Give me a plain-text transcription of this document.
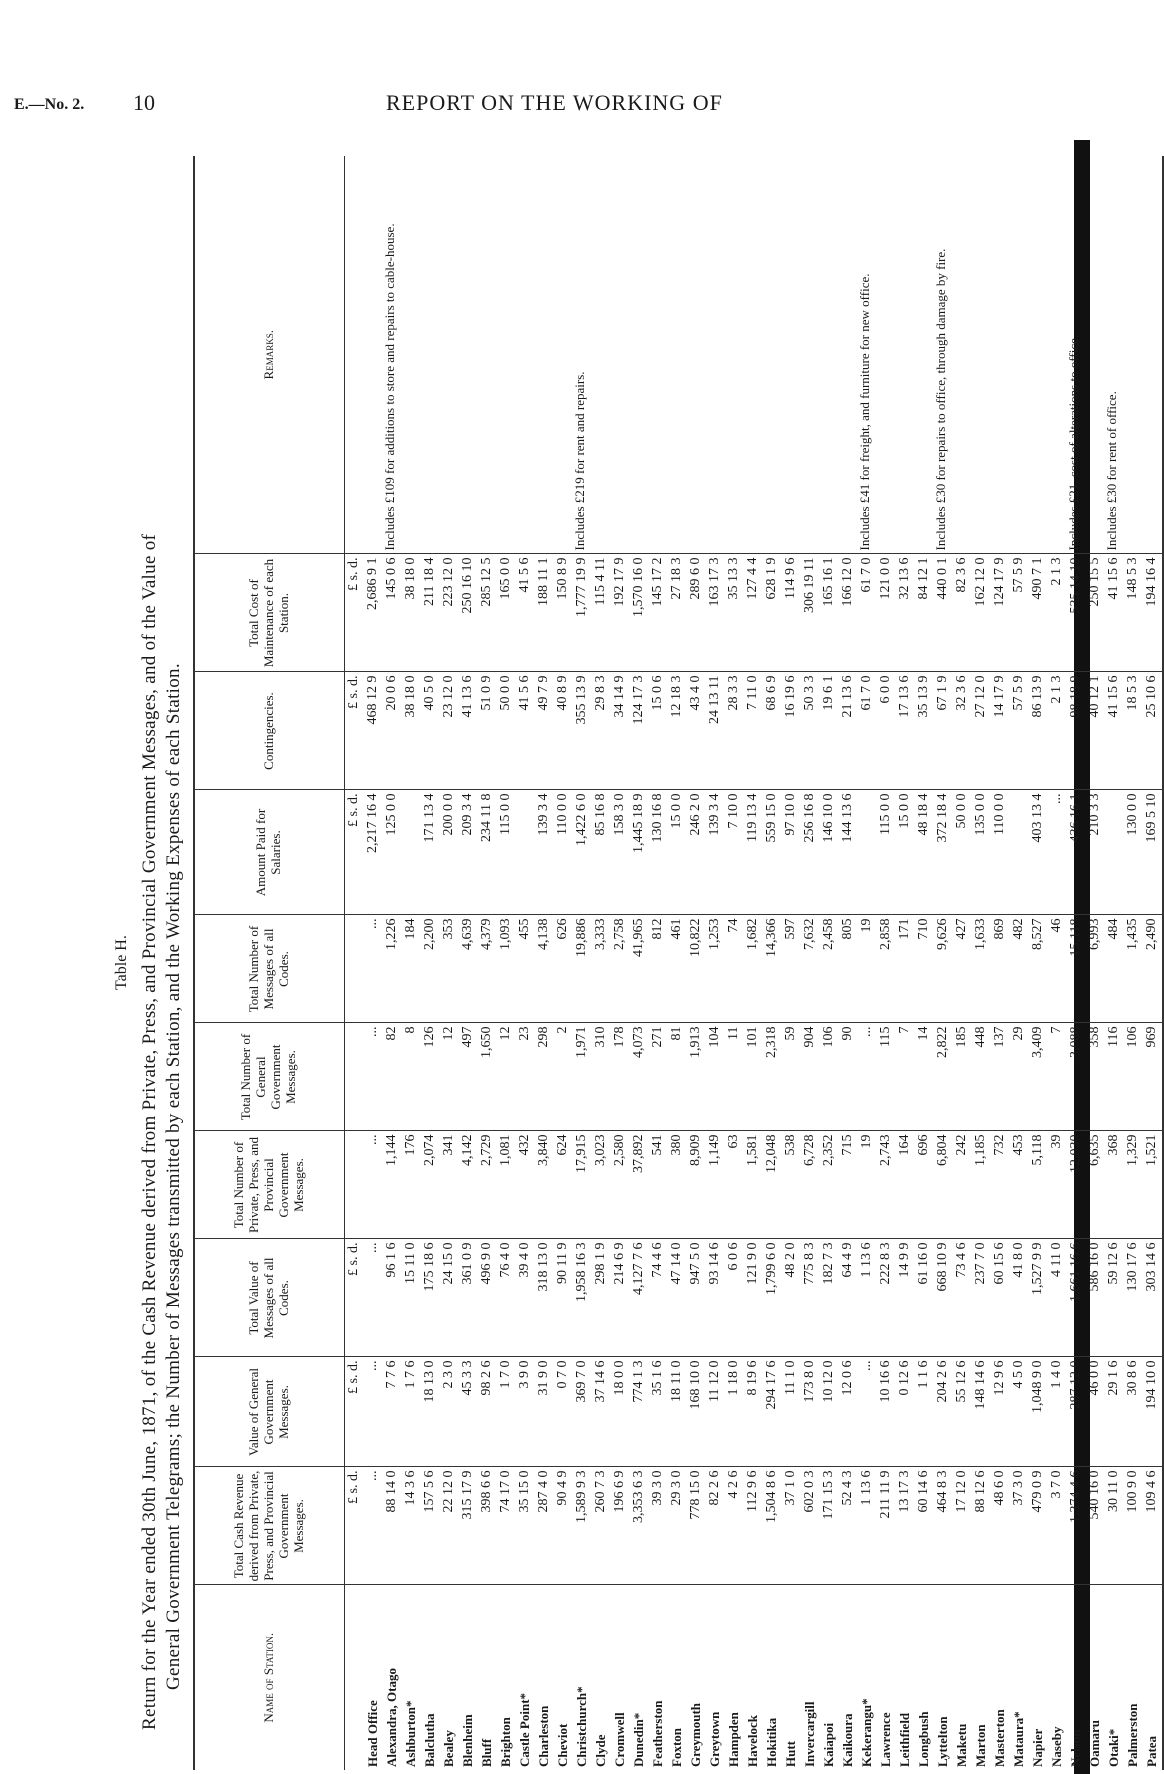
E.—No. 2. 10	REPORT ON THE WORKING OF
Table H. Return for the Year ended 30th June, 1871, of the Cash Revenue derived from Private, Press, and Provincial Government Messages, and of the Value of General Government Telegrams; the Number of Messages transmitted by each Station, and the Working Expenses of each Station.	Name of Station.	Total Cash Revenue derived from Private, Press, and Provincial Government Messages.	Value of General Government Messages.	Total Value of Messages of all Codes.	Total Number of Private, Press, and Provincial Government Messages.	Total Number of General Government Messages.	Total Number of Messages of all Codes.	Amount Paid for Salaries.	Contingencies.	Total Cost of Maintenance of each Station.	Remarks.
	£ s. d.	£ s. d.	£ s. d.				£ s. d.	£ s. d.	£ s. d.	
Head Office	...	...	...	...	...	...	2,217 16 4	468 12 9	2,686 9 1	
Alexandra, Otago	88 14 0	7 7 6	96 1 6	1,144	82	1,226	125 0 0	20 0 6	145 0 6	Includes £109 for additions to store and repairs to cable-house.
Ashburton*	14 3 6	1 7 6	15 11 0	176	8	184		38 18 0	38 18 0	
Balclutha	157 5 6	18 13 0	175 18 6	2,074	126	2,200	171 13 4	40 5 0	211 18 4	
Bealey	22 12 0	2 3 0	24 15 0	341	12	353	200 0 0	23 12 0	223 12 0	
Blenheim	315 17 9	45 3 3	361 0 9	4,142	497	4,639	209 3 4	41 13 6	250 16 10	
Bluff	398 6 6	98 2 6	496 9 0	2,729	1,650	4,379	234 11 8	51 0 9	285 12 5	
Brighton	74 17 0	1 7 0	76 4 0	1,081	12	1,093	115 0 0	50 0 0	165 0 0	
Castle Point*	35 15 0	3 9 0	39 4 0	432	23	455		41 5 6	41 5 6	
Charleston	287 4 0	31 9 0	318 13 0	3,840	298	4,138	139 3 4	49 7 9	188 11 1	
Cheviot	90 4 9	0 7 0	90 11 9	624	2	626	110 0 0	40 8 9	150 8 9	
Christchurch*	1,589 9 3	369 7 0	1,958 16 3	17,915	1,971	19,886	1,422 6 0	355 13 9	1,777 19 9	Includes £219 for rent and repairs.
Clyde	260 7 3	37 14 6	298 1 9	3,023	310	3,333	85 16 8	29 8 3	115 4 11	
Cromwell	196 6 9	18 0 0	214 6 9	2,580	178	2,758	158 3 0	34 14 9	192 17 9	
Dunedin*	3,353 6 3	774 1 3	4,127 7 6	37,892	4,073	41,965	1,445 18 9	124 17 3	1,570 16 0	
Featherston	39 3 0	35 1 6	74 4 6	541	271	812	130 16 8	15 0 6	145 17 2	
Foxton	29 3 0	18 11 0	47 14 0	380	81	461	15 0 0	12 18 3	27 18 3	
Greymouth	778 15 0	168 10 0	947 5 0	8,909	1,913	10,822	246 2 0	43 4 0	289 6 0	
Greytown	82 2 6	11 12 0	93 14 6	1,149	104	1,253	139 3 4	24 13 11	163 17 3	
Hampden	4 2 6	1 18 0	6 0 6	63	11	74	7 10 0	28 3 3	35 13 3	
Havelock	112 9 6	8 19 6	121 9 0	1,581	101	1,682	119 13 4	7 11 0	127 4 4	
Hokitika	1,504 8 6	294 17 6	1,799 6 0	12,048	2,318	14,366	559 15 0	68 6 9	628 1 9	
Hutt	37 1 0	11 1 0	48 2 0	538	59	597	97 10 0	16 19 6	114 9 6	
Invercargill	602 0 3	173 8 0	775 8 3	6,728	904	7,632	256 16 8	50 3 3	306 19 11	
Kaiapoi	171 15 3	10 12 0	182 7 3	2,352	106	2,458	146 10 0	19 6 1	165 16 1	
Kaikoura	52 4 3	12 0 6	64 4 9	715	90	805	144 13 6	21 13 6	166 12 0	
Kekerangu*	1 13 6	...	1 13 6	19	...	19		61 7 0	61 7 0	Includes £41 for freight, and furniture for new office.
Lawrence	211 11 9	10 16 6	222 8 3	2,743	115	2,858	115 0 0	6 0 0	121 0 0	
Leithfield	13 17 3	0 12 6	14 9 9	164	7	171	15 0 0	17 13 6	32 13 6	
Longbush	60 14 6	1 1 6	61 16 0	696	14	710	48 18 4	35 13 9	84 12 1	
Lyttelton	464 8 3	204 2 6	668 10 9	6,804	2,822	9,626	372 18 4	67 1 9	440 0 1	Includes £30 for repairs to office, through damage by fire.
Maketu	17 12 0	55 12 6	73 4 6	242	185	427	50 0 0	32 3 6	82 3 6	
Marton	88 12 6	148 14 6	237 7 0	1,185	448	1,633	135 0 0	27 12 0	162 12 0	
Masterton	48 6 0	12 9 6	60 15 6	732	137	869	110 0 0	14 17 9	124 17 9	
Mataura*	37 3 0	4 5 0	41 8 0	453	29	482		57 5 9	57 5 9	
Napier	479 0 9	1,048 9 0	1,527 9 9	5,118	3,409	8,527	403 13 4	86 13 9	490 7 1	
Naseby	3 7 0	1 4 0	4 11 0	39	7	46	...	2 1 3	2 1 3	
Nelson	1,374 4 6	287 12 0	1,661 16 6	12,030	3,088	15,118	436 16 1	98 18 9	535 14 10	Includes £21, cost of alterations to office.
Oamaru	540 16 0	46 0 0	586 16 0	6,635	358	6,993	210 3 3	40 12 1	250 15 5	
Otaki*	30 11 0	29 1 6	59 12 6	368	116	484		41 15 6	41 15 6	Includes £30 for rent of office.
Palmerston	100 9 0	30 8 6	130 17 6	1,329	106	1,435	130 0 0	18 5 3	148 5 3	
Patea	109 4 6	194 10 0	303 14 6	1,521	969	2,490	169 5 10	25 10 6	194 16 4	
